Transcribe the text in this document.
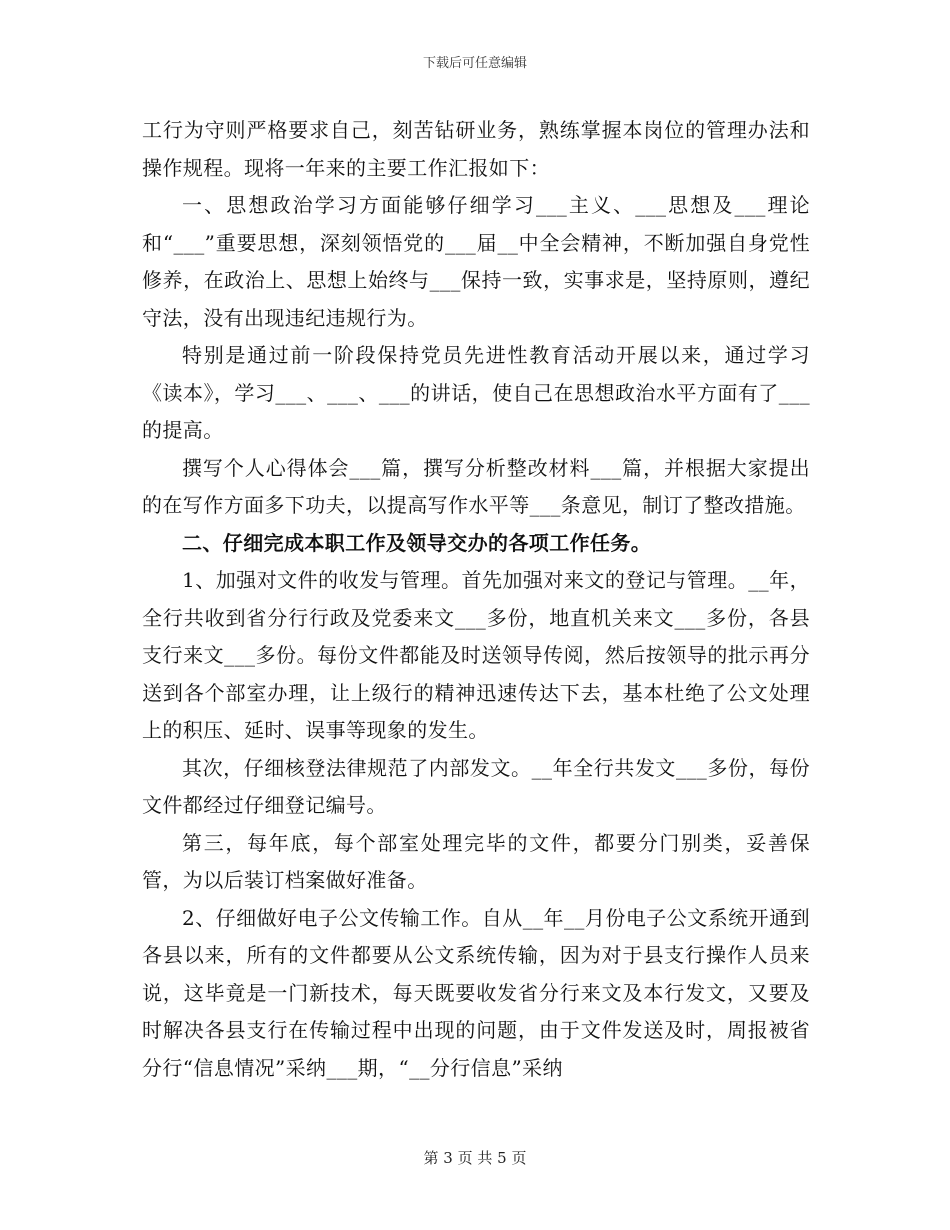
下载后可任意编辑

工行为守则严格要求自己，刻苦钻研业务，熟练掌握本岗位的管理办法和操作规程。现将一年来的主要工作汇报如下：

一、思想政治学习方面能够仔细学习___主义、___思想及___理论和“___”重要思想，深刻领悟党的___届__中全会精神，不断加强自身党性修养，在政治上、思想上始终与___保持一致，实事求是，坚持原则，遵纪守法，没有出现违纪违规行为。

特别是通过前一阶段保持党员先进性教育活动开展以来，通过学习《读本》，学习___、___、___的讲话，使自己在思想政治水平方面有了___的提高。

撰写个人心得体会___篇，撰写分析整改材料___篇，并根据大家提出的在写作方面多下功夫，以提高写作水平等___条意见，制订了整改措施。

二、仔细完成本职工作及领导交办的各项工作任务。

1、加强对文件的收发与管理。首先加强对来文的登记与管理。__年，全行共收到省分行行政及党委来文___多份，地直机关来文___多份，各县支行来文___多份。每份文件都能及时送领导传阅，然后按领导的批示再分送到各个部室办理，让上级行的精神迅速传达下去，基本杜绝了公文处理上的积压、延时、误事等现象的发生。

其次，仔细核登法律规范了内部发文。__年全行共发文___多份，每份文件都经过仔细登记编号。

第三，每年底，每个部室处理完毕的文件，都要分门别类，妥善保管，为以后装订档案做好准备。

2、仔细做好电子公文传输工作。自从__年__月份电子公文系统开通到各县以来，所有的文件都要从公文系统传输，因为对于县支行操作人员来说，这毕竟是一门新技术，每天既要收发省分行来文及本行发文，又要及时解决各县支行在传输过程中出现的问题，由于文件发送及时，周报被省分行“信息情况”采纳___期，“__分行信息”采纳

第 3 页 共 5 页
